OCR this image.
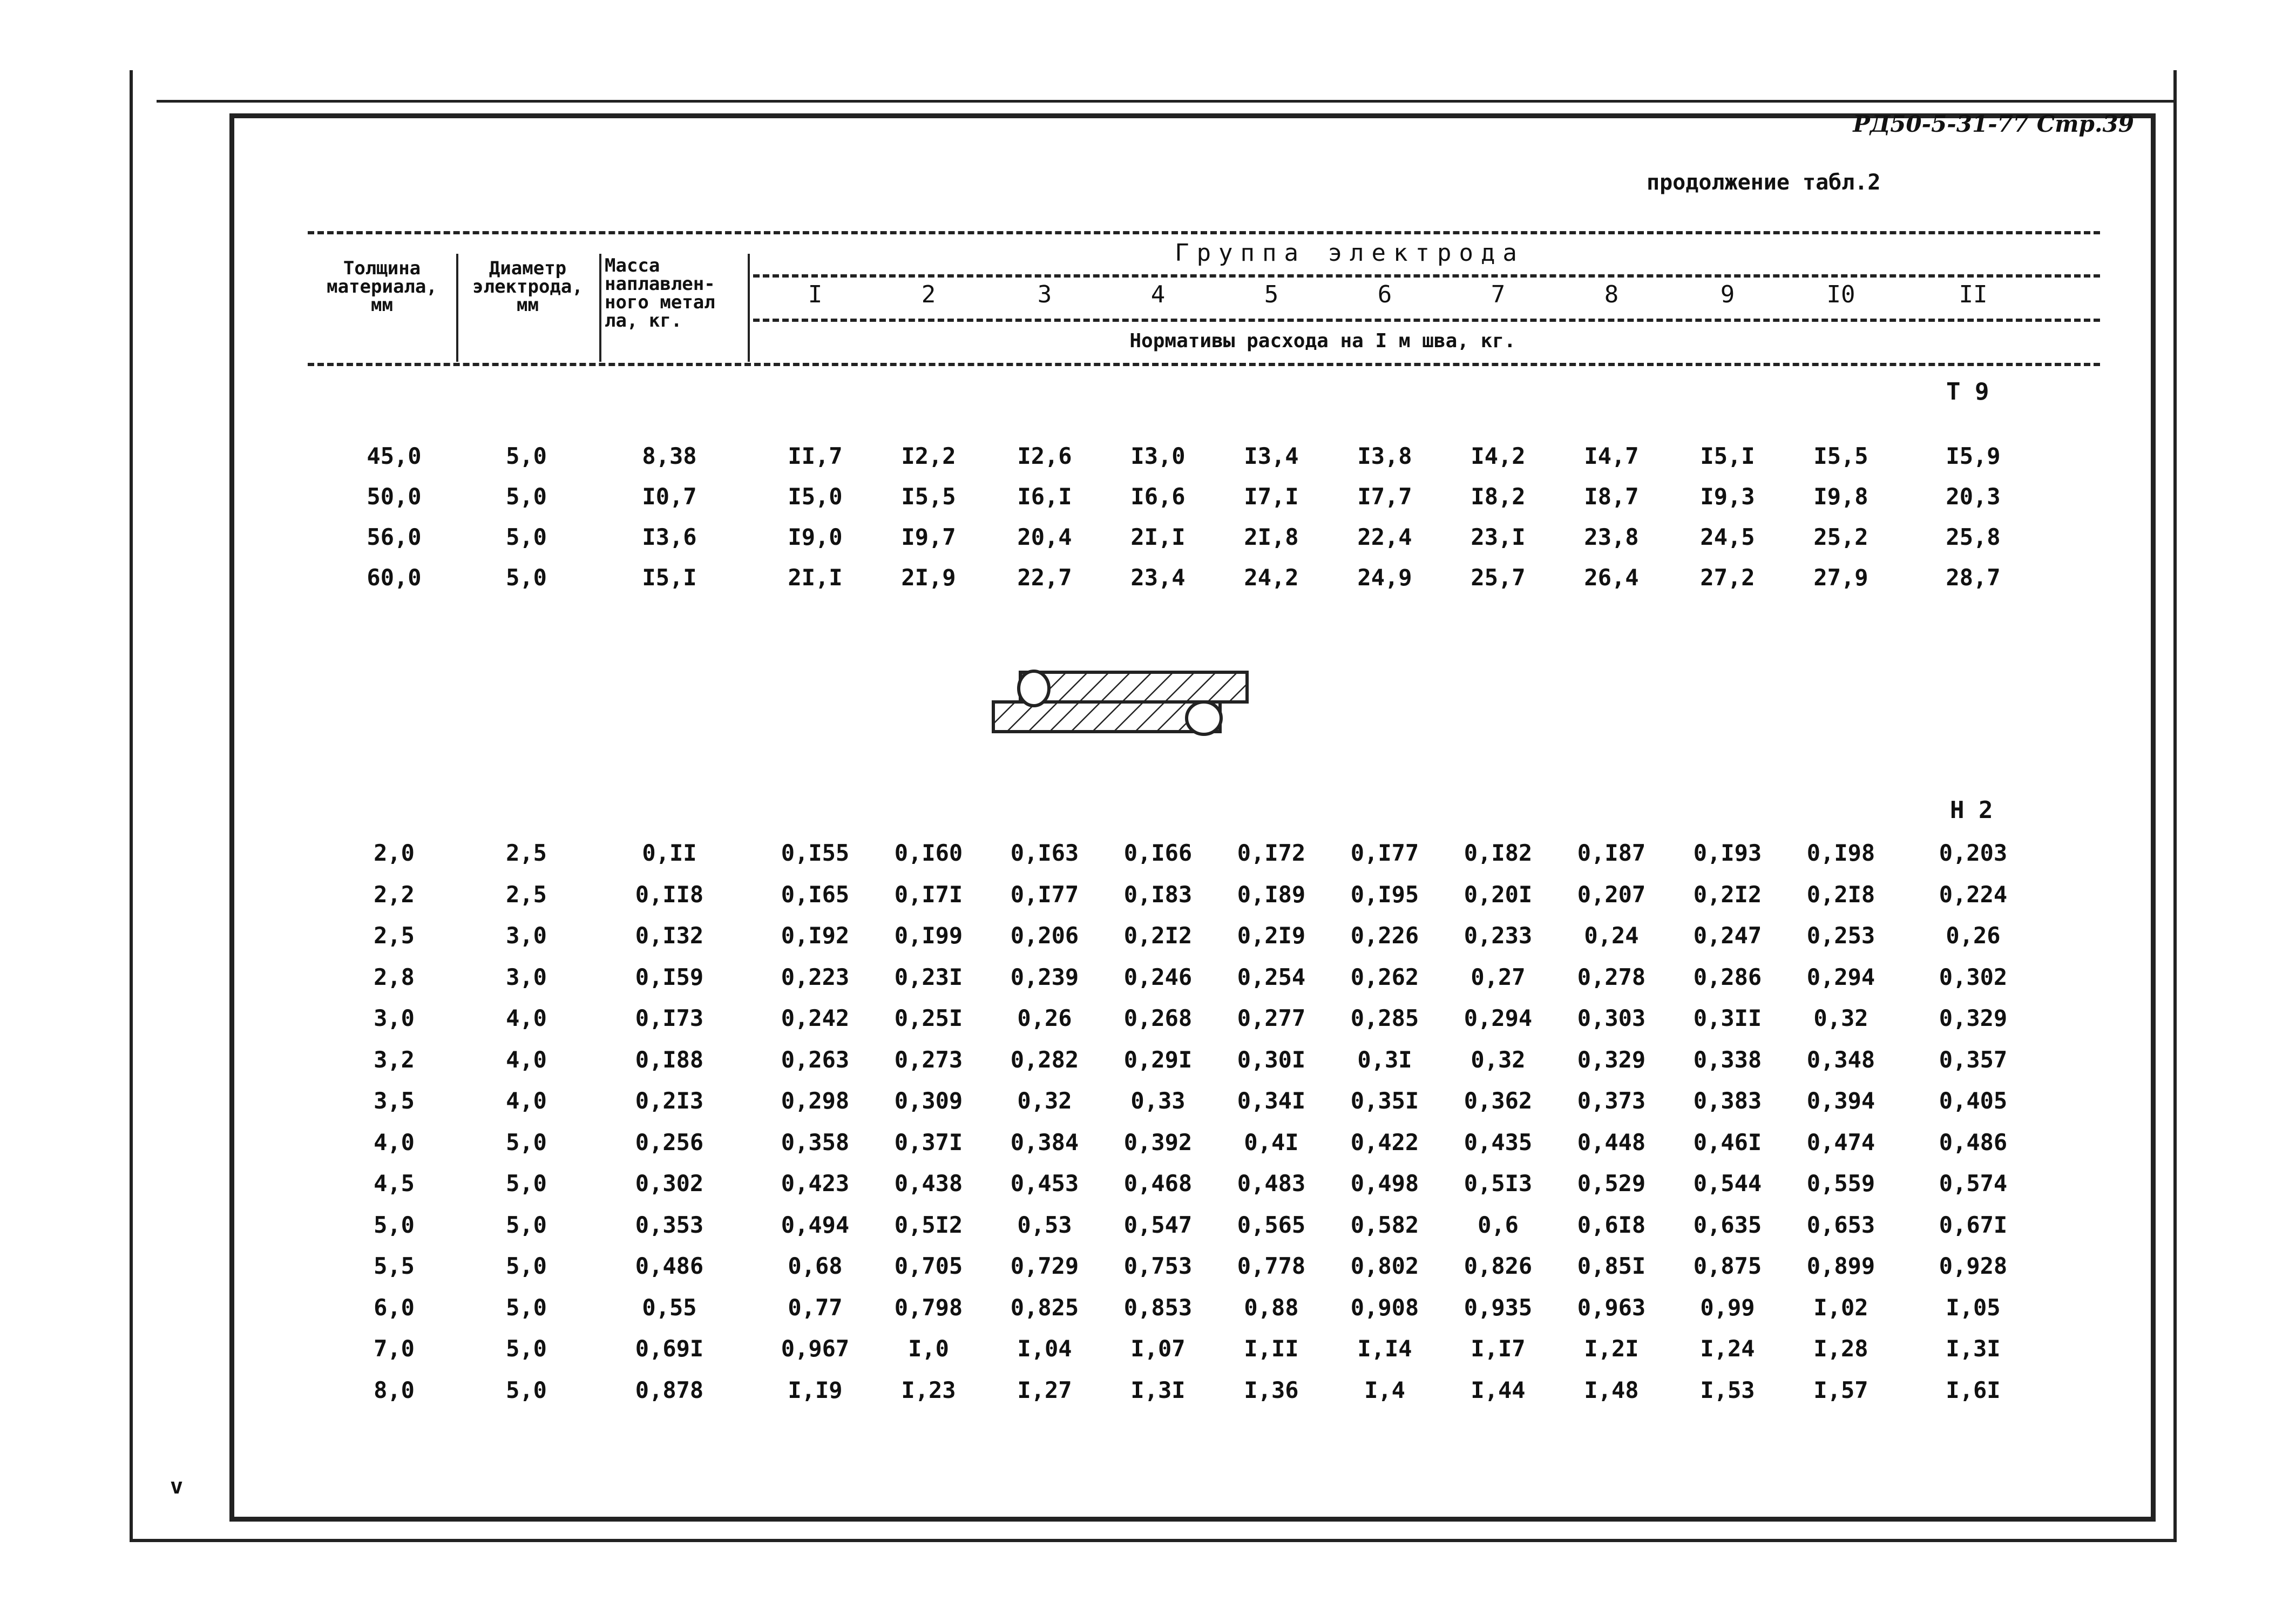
РД50-5-31-77 Стр.39
продолжение табл.2
Толщина материала, мм
Диаметр электрода, мм
Масса наплавлен-ного метал ла, кг.
Группа электрода
Нормативы расхода на I м шва, кг.
I	2	3	4	5	6	7	8	9	I0	II
Т 9
45,0	5,0	8,38	II,7	I2,2	I2,6	I3,0	I3,4	I3,8	I4,2	I4,7	I5,I	I5,5	I5,9
50,0	5,0	I0,7	I5,0	I5,5	I6,I	I6,6	I7,I	I7,7	I8,2	I8,7	I9,3	I9,8	20,3
56,0	5,0	I3,6	I9,0	I9,7	20,4	2I,I	2I,8	22,4	23,I	23,8	24,5	25,2	25,8
60,0	5,0	I5,I	2I,I	2I,9	22,7	23,4	24,2	24,9	25,7	26,4	27,2	27,9	28,7
Н 2
2,0	2,5	0,II	0,I55	0,I60	0,I63	0,I66	0,I72	0,I77	0,I82	0,I87	0,I93	0,I98	0,203
2,2	2,5	0,II8	0,I65	0,I7I	0,I77	0,I83	0,I89	0,I95	0,20I	0,207	0,2I2	0,2I8	0,224
2,5	3,0	0,I32	0,I92	0,I99	0,206	0,2I2	0,2I9	0,226	0,233	0,24	0,247	0,253	0,26
2,8	3,0	0,I59	0,223	0,23I	0,239	0,246	0,254	0,262	0,27	0,278	0,286	0,294	0,302
3,0	4,0	0,I73	0,242	0,25I	0,26	0,268	0,277	0,285	0,294	0,303	0,3II	0,32	0,329
3,2	4,0	0,I88	0,263	0,273	0,282	0,29I	0,30I	0,3I	0,32	0,329	0,338	0,348	0,357
3,5	4,0	0,2I3	0,298	0,309	0,32	0,33	0,34I	0,35I	0,362	0,373	0,383	0,394	0,405
4,0	5,0	0,256	0,358	0,37I	0,384	0,392	0,4I	0,422	0,435	0,448	0,46I	0,474	0,486
4,5	5,0	0,302	0,423	0,438	0,453	0,468	0,483	0,498	0,5I3	0,529	0,544	0,559	0,574
5,0	5,0	0,353	0,494	0,5I2	0,53	0,547	0,565	0,582	0,6	0,6I8	0,635	0,653	0,67I
5,5	5,0	0,486	0,68	0,705	0,729	0,753	0,778	0,802	0,826	0,85I	0,875	0,899	0,928
6,0	5,0	0,55	0,77	0,798	0,825	0,853	0,88	0,908	0,935	0,963	0,99	I,02	I,05
7,0	5,0	0,69I	0,967	I,0	I,04	I,07	I,II	I,I4	I,I7	I,2I	I,24	I,28	I,3I
8,0	5,0	0,878	I,I9	I,23	I,27	I,3I	I,36	I,4	I,44	I,48	I,53	I,57	I,6I
v
